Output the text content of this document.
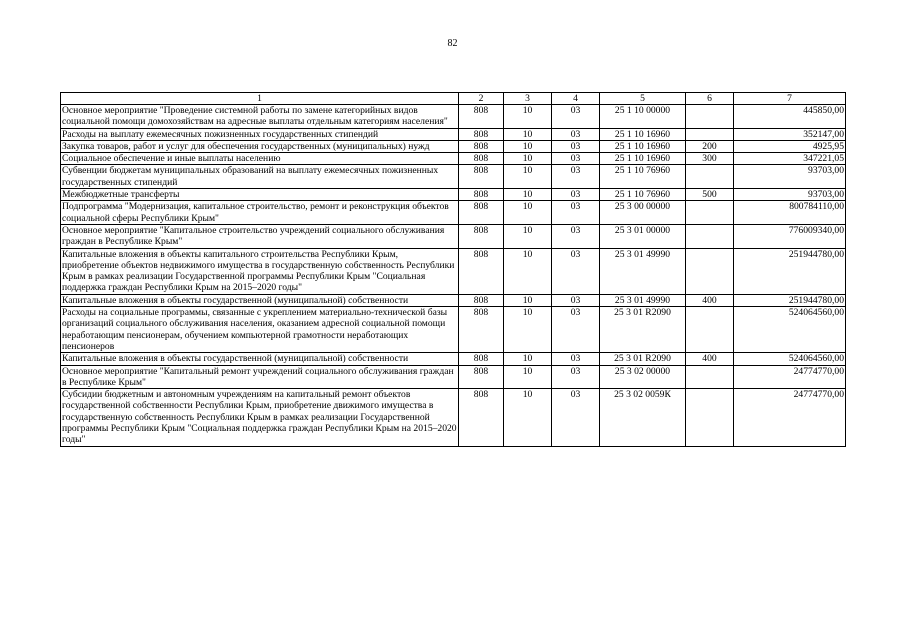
82
1	2	3	4	5	6	7
Основное мероприятие "Проведение системной работы по замене категорийных видов социальной помощи домохозяйствам на адресные выплаты отдельным категориям населения"	808	10	03	25 1 10 00000		445850,00
Расходы на выплату ежемесячных пожизненных государственных стипендий	808	10	03	25 1 10 16960		352147,00
Закупка товаров, работ и услуг для обеспечения государственных (муниципальных) нужд	808	10	03	25 1 10 16960	200	4925,95
Социальное обеспечение и иные выплаты населению	808	10	03	25 1 10 16960	300	347221,05
Субвенции бюджетам муниципальных образований на выплату ежемесячных пожизненных государственных стипендий	808	10	03	25 1 10 76960		93703,00
Межбюджетные трансферты	808	10	03	25 1 10 76960	500	93703,00
Подпрограмма "Модернизация, капитальное строительство, ремонт и реконструкция объектов социальной сферы Республики Крым"	808	10	03	25 3 00 00000		800784110,00
Основное мероприятие "Капитальное строительство учреждений социального обслуживания граждан в Республике Крым"	808	10	03	25 3 01 00000		776009340,00
Капитальные вложения в объекты капитального строительства Республики Крым, приобретение объектов недвижимого имущества в государственную собственность Республики Крым в рамках реализации Государственной программы Республики Крым "Социальная поддержка граждан Республики Крым на 2015–2020 годы"	808	10	03	25 3 01 49990		251944780,00
Капитальные вложения в объекты государственной (муниципальной) собственности	808	10	03	25 3 01 49990	400	251944780,00
Расходы на социальные программы, связанные с укреплением материально-технической базы организаций социального обслуживания населения, оказанием адресной социальной помощи неработающим пенсионерам, обучением компьютерной грамотности неработающих пенсионеров	808	10	03	25 3 01 R2090		524064560,00
Капитальные вложения в объекты государственной (муниципальной) собственности	808	10	03	25 3 01 R2090	400	524064560,00
Основное мероприятие "Капитальный ремонт учреждений социального обслуживания граждан в Республике Крым"	808	10	03	25 3 02 00000		24774770,00
Субсидии бюджетным и автономным учреждениям на капитальный ремонт объектов государственной собственности Республики Крым, приобретение движимого имущества в государственную собственность Республики Крым в рамках реализации Государственной программы Республики Крым "Социальная поддержка граждан Республики Крым на 2015–2020 годы"	808	10	03	25 3 02 0059К		24774770,00
